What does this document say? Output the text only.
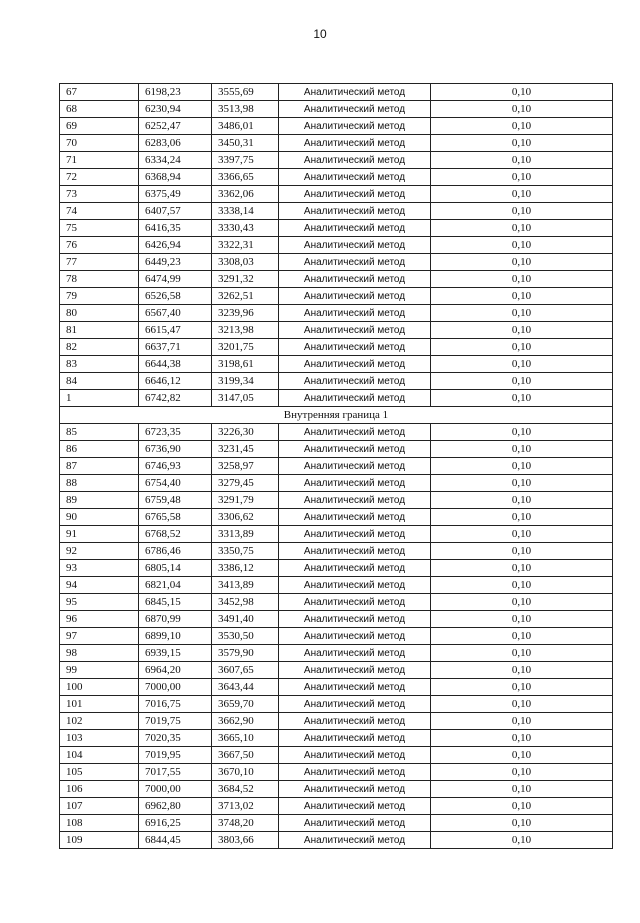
10
67	6198,23	3555,69	Аналитический метод	0,10
68	6230,94	3513,98	Аналитический метод	0,10
69	6252,47	3486,01	Аналитический метод	0,10
70	6283,06	3450,31	Аналитический метод	0,10
71	6334,24	3397,75	Аналитический метод	0,10
72	6368,94	3366,65	Аналитический метод	0,10
73	6375,49	3362,06	Аналитический метод	0,10
74	6407,57	3338,14	Аналитический метод	0,10
75	6416,35	3330,43	Аналитический метод	0,10
76	6426,94	3322,31	Аналитический метод	0,10
77	6449,23	3308,03	Аналитический метод	0,10
78	6474,99	3291,32	Аналитический метод	0,10
79	6526,58	3262,51	Аналитический метод	0,10
80	6567,40	3239,96	Аналитический метод	0,10
81	6615,47	3213,98	Аналитический метод	0,10
82	6637,71	3201,75	Аналитический метод	0,10
83	6644,38	3198,61	Аналитический метод	0,10
84	6646,12	3199,34	Аналитический метод	0,10
1	6742,82	3147,05	Аналитический метод	0,10
Внутренняя граница 1				
85	6723,35	3226,30	Аналитический метод	0,10
86	6736,90	3231,45	Аналитический метод	0,10
87	6746,93	3258,97	Аналитический метод	0,10
88	6754,40	3279,45	Аналитический метод	0,10
89	6759,48	3291,79	Аналитический метод	0,10
90	6765,58	3306,62	Аналитический метод	0,10
91	6768,52	3313,89	Аналитический метод	0,10
92	6786,46	3350,75	Аналитический метод	0,10
93	6805,14	3386,12	Аналитический метод	0,10
94	6821,04	3413,89	Аналитический метод	0,10
95	6845,15	3452,98	Аналитический метод	0,10
96	6870,99	3491,40	Аналитический метод	0,10
97	6899,10	3530,50	Аналитический метод	0,10
98	6939,15	3579,90	Аналитический метод	0,10
99	6964,20	3607,65	Аналитический метод	0,10
100	7000,00	3643,44	Аналитический метод	0,10
101	7016,75	3659,70	Аналитический метод	0,10
102	7019,75	3662,90	Аналитический метод	0,10
103	7020,35	3665,10	Аналитический метод	0,10
104	7019,95	3667,50	Аналитический метод	0,10
105	7017,55	3670,10	Аналитический метод	0,10
106	7000,00	3684,52	Аналитический метод	0,10
107	6962,80	3713,02	Аналитический метод	0,10
108	6916,25	3748,20	Аналитический метод	0,10
109	6844,45	3803,66	Аналитический метод	0,10
